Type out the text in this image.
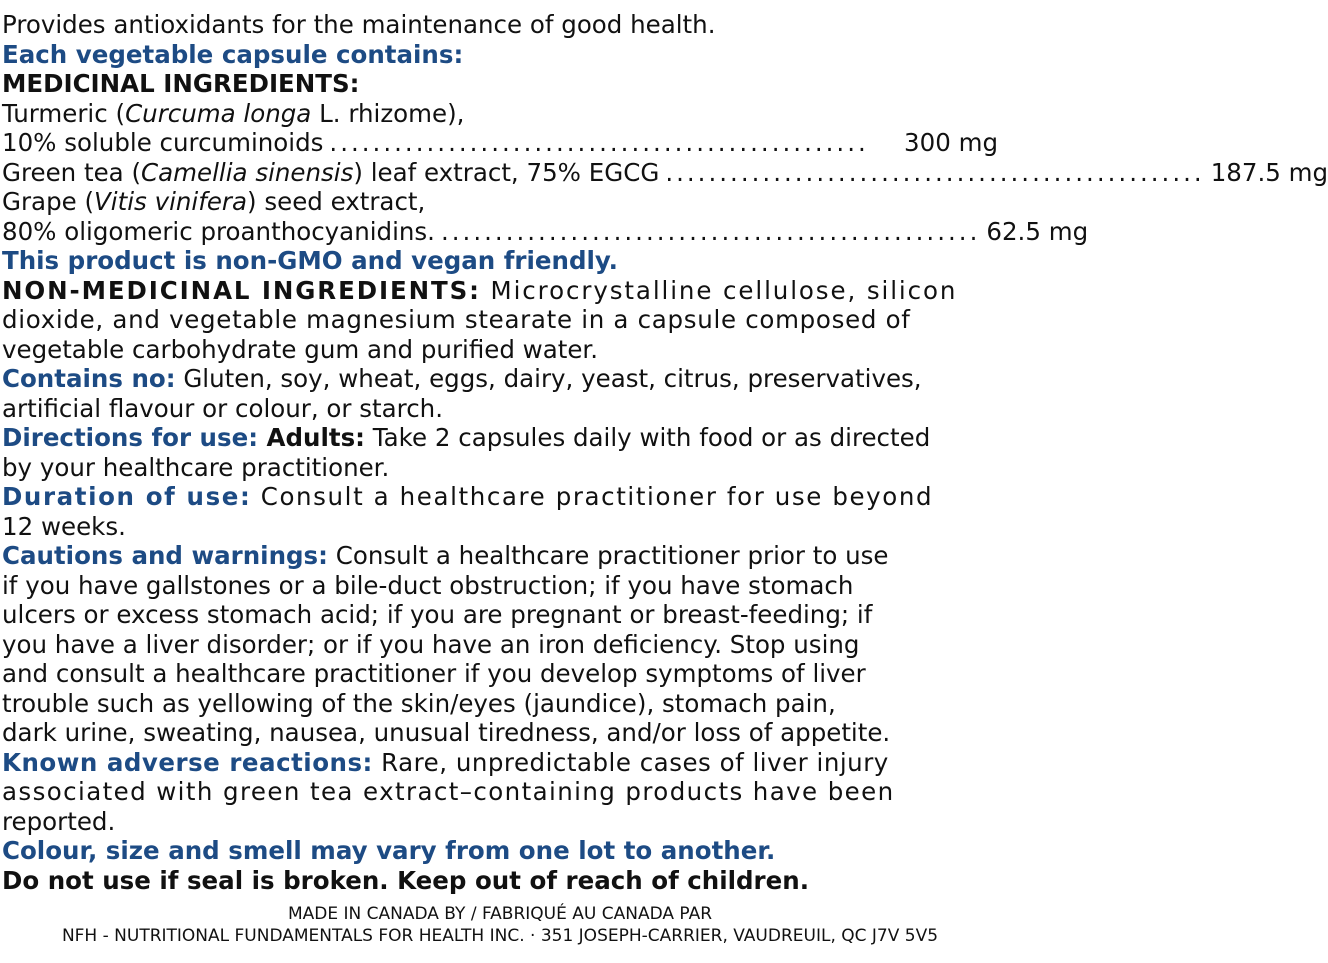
Provides antioxidants for the maintenance of good health.
Each vegetable capsule contains:
MEDICINAL INGREDIENTS:
Turmeric (Curcuma longa L. rhizome),
10% soluble curcuminoids ..................................................	300 mg
Green tea (Camellia sinensis) leaf extract, 75% EGCG .................................................. 187.5 mg
Grape (Vitis vinifera) seed extract,
80% oligomeric proanthocyanidins. .................................................. 62.5 mg
This product is non-GMO and vegan friendly.
NON-MEDICINAL INGREDIENTS: Microcrystalline cellulose, silicon
dioxide, and vegetable magnesium stearate in a capsule composed of
vegetable carbohydrate gum and purified water.
Contains no: Gluten, soy, wheat, eggs, dairy, yeast, citrus, preservatives,
artificial flavour or colour, or starch.
Directions for use: Adults: Take 2 capsules daily with food or as directed
by your healthcare practitioner.
Duration of use: Consult a healthcare practitioner for use beyond
12 weeks.
Cautions and warnings: Consult a healthcare practitioner prior to use
if you have gallstones or a bile-duct obstruction; if you have stomach
ulcers or excess stomach acid; if you are pregnant or breast-feeding; if
you have a liver disorder; or if you have an iron deficiency. Stop using
and consult a healthcare practitioner if you develop symptoms of liver
trouble such as yellowing of the skin/eyes (jaundice), stomach pain,
dark urine, sweating, nausea, unusual tiredness, and/or loss of appetite.
Known adverse reactions: Rare, unpredictable cases of liver injury
associated with green tea extract–containing products have been
reported.
Colour, size and smell may vary from one lot to another.
Do not use if seal is broken. Keep out of reach of children.
MADE IN CANADA BY / FABRIQUÉ AU CANADA PAR
NFH - NUTRITIONAL FUNDAMENTALS FOR HEALTH INC. · 351 JOSEPH-CARRIER, VAUDREUIL, QC J7V 5V5
